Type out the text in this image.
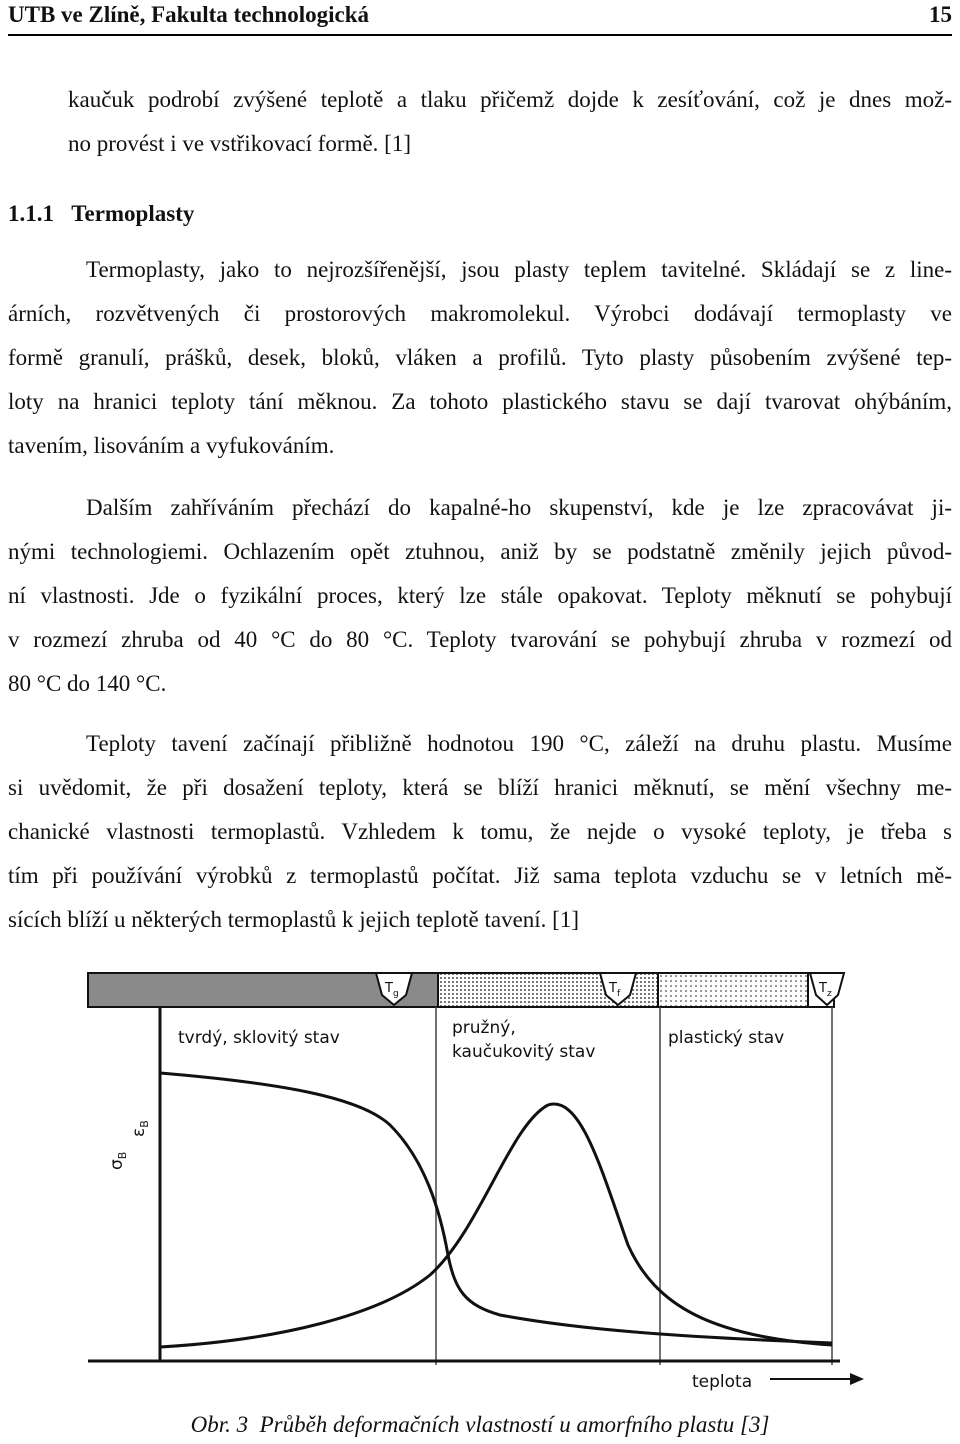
UTB ve Zlíně, Fakulta technologická	15
kaučuk podrobí zvýšené teplotě a tlaku přičemž dojde k zesíťování, což je dnes mož-
no provést i ve vstřikovací formě. [1]
1.1.1 Termoplasty
Termoplasty, jako to nejrozšířenější, jsou plasty teplem tavitelné. Skládají se z line-
árních, rozvětvených či prostorových makromolekul. Výrobci dodávají termoplasty ve
formě granulí, prášků, desek, bloků, vláken a profilů. Tyto plasty působením zvýšené tep-
loty na hranici teploty tání měknou. Za tohoto plastického stavu se dají tvarovat ohýbáním,
tavením, lisováním a vyfukováním.
Dalším zahříváním přechází do kapalné-ho skupenství, kde je lze zpracovávat ji-
nými technologiemi. Ochlazením opět ztuhnou, aniž by se podstatně změnily jejich původ-
ní vlastnosti. Jde o fyzikální proces, který lze stále opakovat. Teploty měknutí se pohybují
v rozmezí zhruba od 40 °C do 80 °C. Teploty tvarování se pohybují zhruba v rozmezí od
80 °C do 140 °C.
Teploty tavení začínají přibližně hodnotou 190 °C, záleží na druhu plastu. Musíme
si uvědomit, že při dosažení teploty, která se blíží hranici měknutí, se mění všechny me-
chanické vlastnosti termoplastů. Vzhledem k tomu, že nejde o vysoké teploty, je třeba s
tím při používání výrobků z termoplastů počítat. Již sama teplota vzduchu se v letních mě-
sících blíží u některých termoplastů k jejich teplotě tavení. [1]
$T_g$	$T_f$	$T_z$
tvrdý, sklovitý stav	pružný,
kaučukovitý stav
plastický stav
$\sigma_B$
$\varepsilon_B$
teplota
Obr. 3 Průběh deformačních vlastností u amorfního plastu [3]
